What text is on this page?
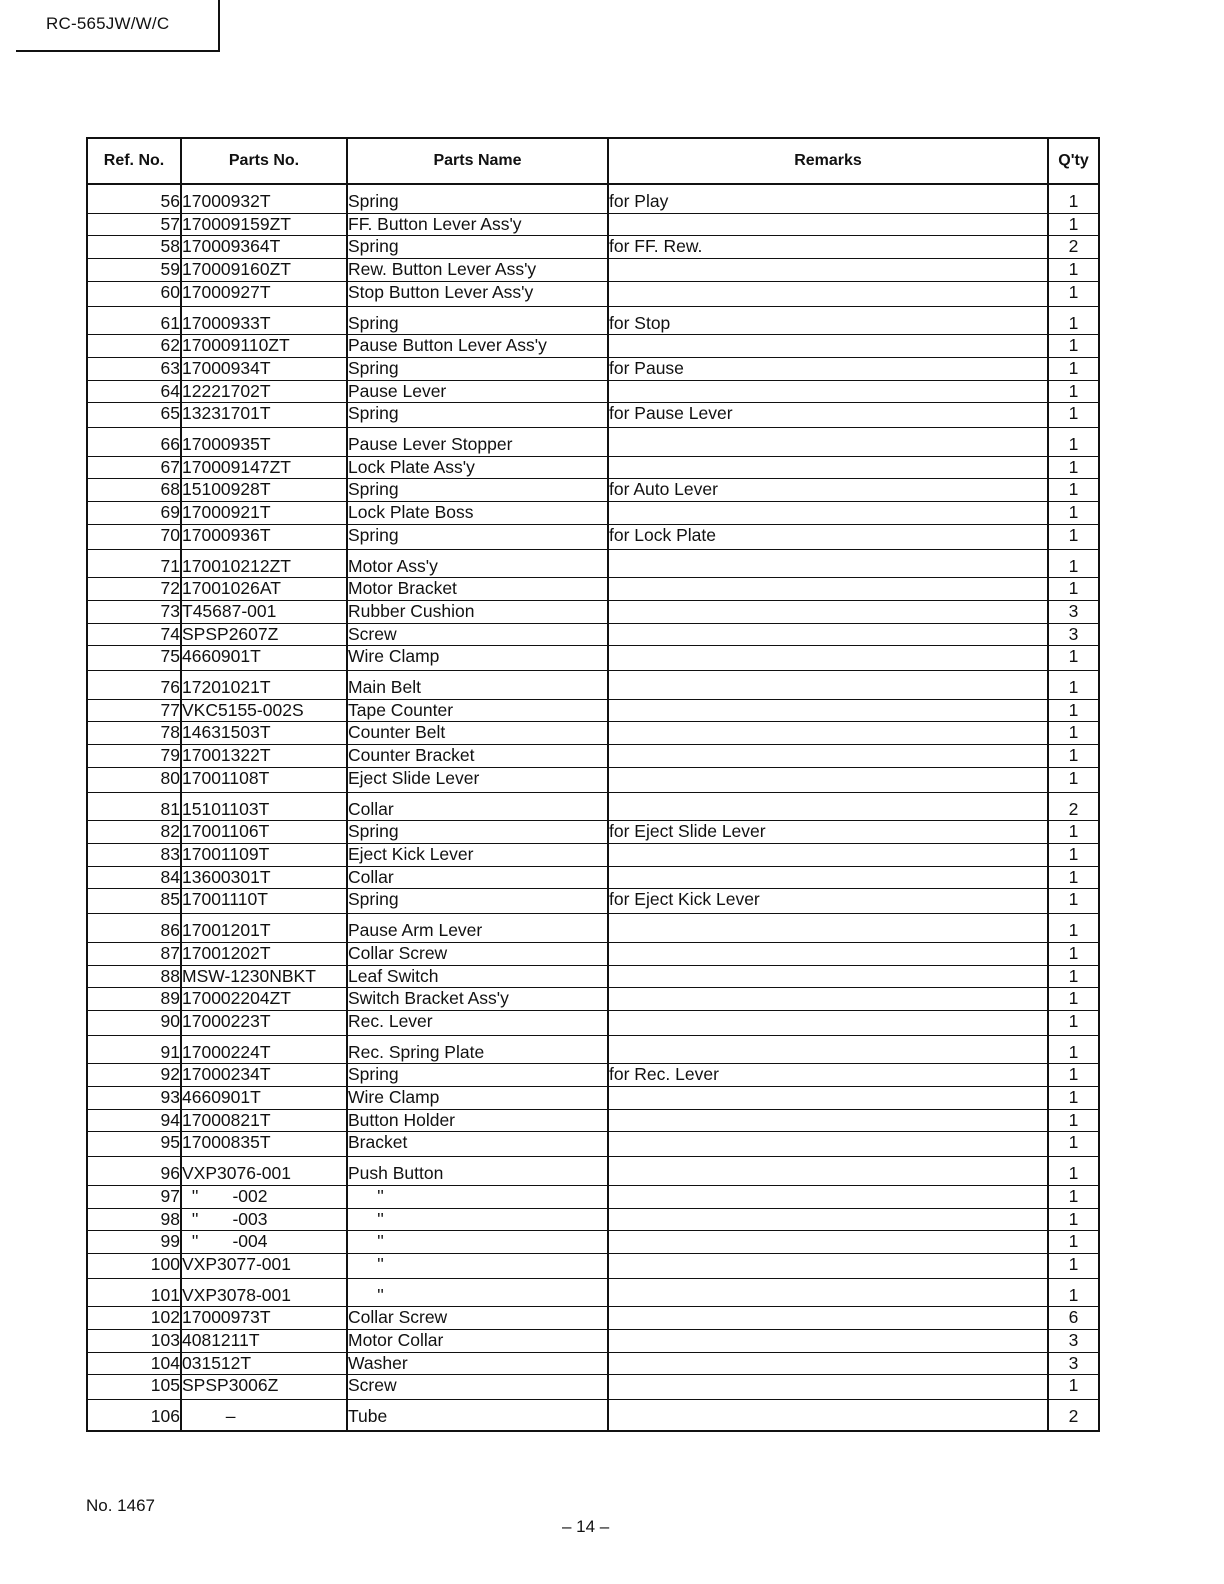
RC-565JW/W/C
Ref. No.	Parts No.	Parts Name	Remarks	Q'ty
56	17000932T	Spring	for Play	1
57	170009159ZT	FF. Button Lever Ass'y		1
58	170009364T	Spring	for FF. Rew.	2
59	170009160ZT	Rew. Button Lever Ass'y		1
60	17000927T	Stop Button Lever Ass'y		1
61	17000933T	Spring	for Stop	1
62	170009110ZT	Pause Button Lever Ass'y		1
63	17000934T	Spring	for Pause	1
64	12221702T	Pause Lever		1
65	13231701T	Spring	for Pause Lever	1
66	17000935T	Pause Lever Stopper		1
67	170009147ZT	Lock Plate Ass'y		1
68	15100928T	Spring	for Auto Lever	1
69	17000921T	Lock Plate Boss		1
70	17000936T	Spring	for Lock Plate	1
71	170010212ZT	Motor Ass'y		1
72	17001026AT	Motor Bracket		1
73	T45687-001	Rubber Cushion		3
74	SPSP2607Z	Screw		3
75	4660901T	Wire Clamp		1
76	17201021T	Main Belt		1
77	VKC5155-002S	Tape Counter		1
78	14631503T	Counter Belt		1
79	17001322T	Counter Bracket		1
80	17001108T	Eject Slide Lever		1
81	15101103T	Collar		2
82	17001106T	Spring	for Eject Slide Lever	1
83	17001109T	Eject Kick Lever		1
84	13600301T	Collar		1
85	17001110T	Spring	for Eject Kick Lever	1
86	17001201T	Pause Arm Lever		1
87	17001202T	Collar Screw		1
88	MSW-1230NBKT	Leaf Switch		1
89	170002204ZT	Switch Bracket Ass'y		1
90	17000223T	Rec. Lever		1
91	17000224T	Rec. Spring Plate		1
92	17000234T	Spring	for Rec. Lever	1
93	4660901T	Wire Clamp		1
94	17000821T	Button Holder		1
95	17000835T	Bracket		1
96	VXP3076-001	Push Button		1
97	''       -002	''		1
98	''       -003	''		1
99	''       -004	''		1
100	VXP3077-001	''		1
101	VXP3078-001	''		1
102	17000973T	Collar Screw		6
103	4081211T	Motor Collar		3
104	031512T	Washer		3
105	SPSP3006Z	Screw		1
106	–	Tube		2
No. 1467
– 14 –
